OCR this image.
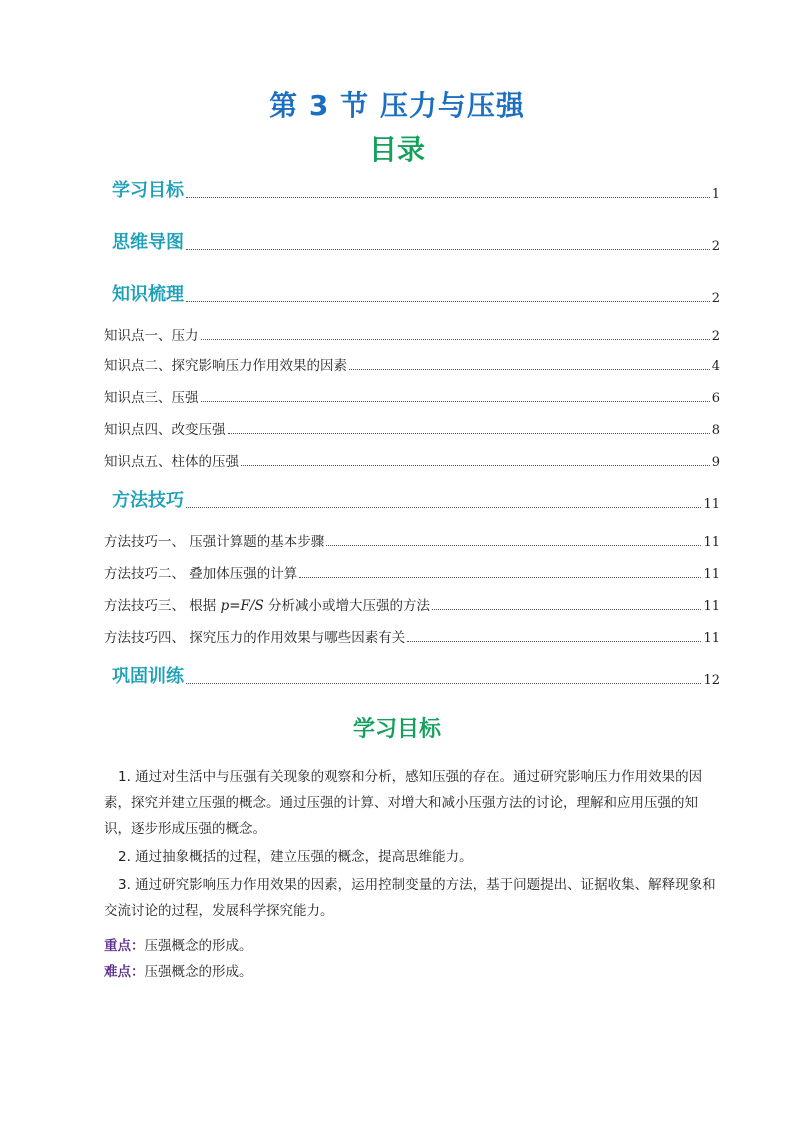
第 3 节 压力与压强
目录
学习目标	1
思维导图	2
知识梳理	2
知识点一、压力	2
知识点二、探究影响压力作用效果的因素	4
知识点三、压强	6
知识点四、改变压强	8
知识点五、柱体的压强	9
方法技巧	11
方法技巧一、 压强计算题的基本步骤	11
方法技巧二、 叠加体压强的计算	11
方法技巧三、 根据 p=F/S 分析减小或增大压强的方法	11
方法技巧四、 探究压力的作用效果与哪些因素有关	11
巩固训练	12
学习目标
1. 通过对生活中与压强有关现象的观察和分析，感知压强的存在。通过研究影响压力作用效果的因素，探究并建立压强的概念。通过压强的计算、对增大和减小压强方法的讨论，理解和应用压强的知识，逐步形成压强的概念。
2. 通过抽象概括的过程，建立压强的概念，提高思维能力。
3. 通过研究影响压力作用效果的因素，运用控制变量的方法，基于问题提出、证据收集、解释现象和交流讨论的过程，发展科学探究能力。
重点：压强概念的形成。
难点：压强概念的形成。
